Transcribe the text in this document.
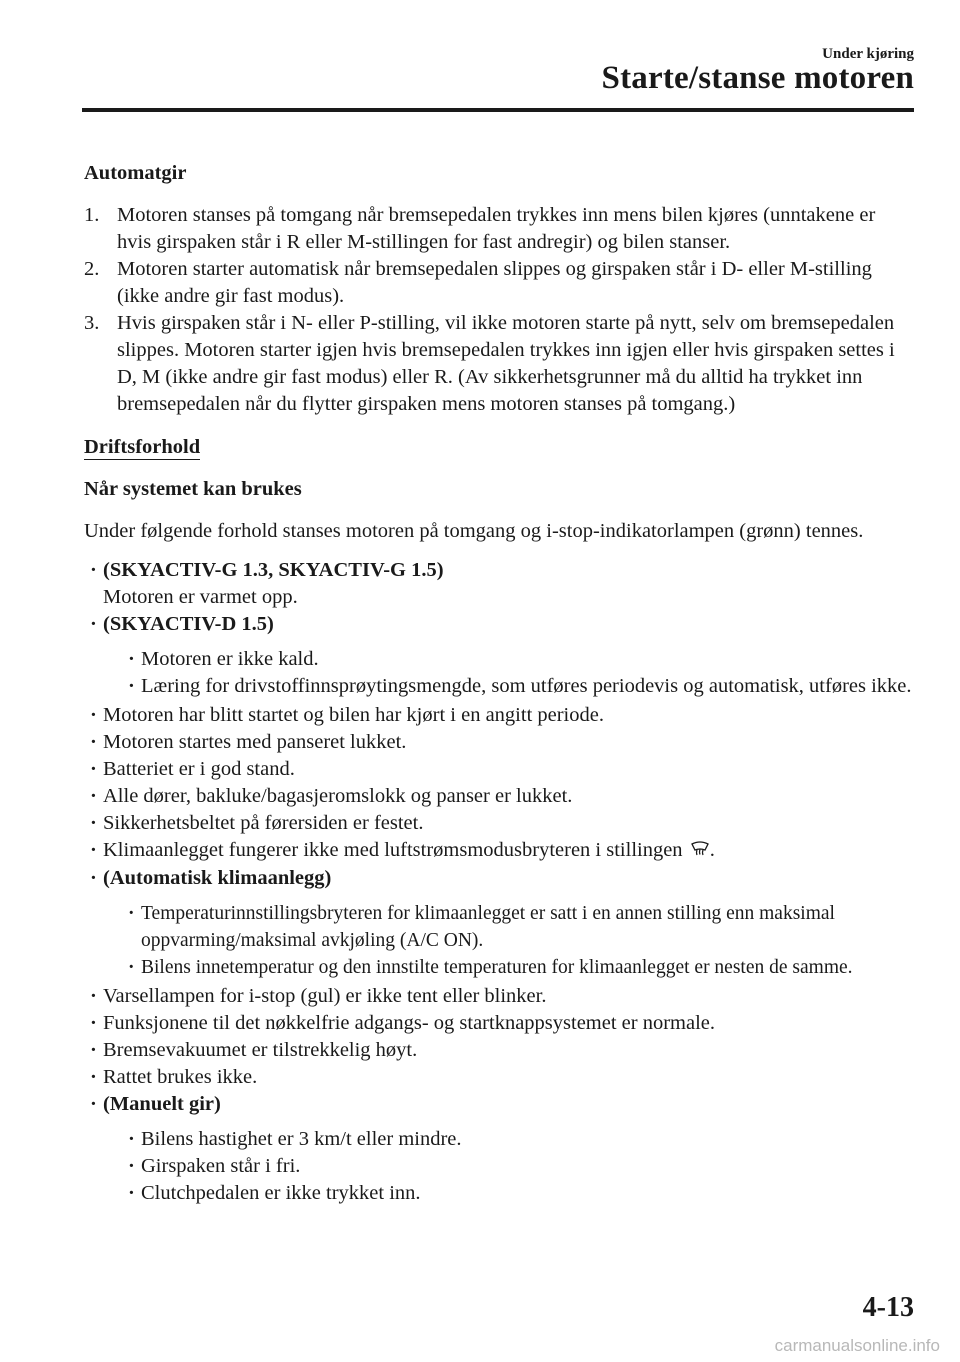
Under kjøring
Starte/stanse motoren
Automatgir
1. Motoren stanses på tomgang når bremsepedalen trykkes inn mens bilen kjøres (unntakene er hvis girspaken står i R eller M-stillingen for fast andregir) og bilen stanser.
2. Motoren starter automatisk når bremsepedalen slippes og girspaken står i D- eller M-stilling (ikke andre gir fast modus).
3. Hvis girspaken står i N- eller P-stilling, vil ikke motoren starte på nytt, selv om bremsepedalen slippes. Motoren starter igjen hvis bremsepedalen trykkes inn igjen eller hvis girspaken settes i D, M (ikke andre gir fast modus) eller R. (Av sikkerhetsgrunner må du alltid ha trykket inn bremsepedalen når du flytter girspaken mens motoren stanses på tomgang.)
Driftsforhold
Når systemet kan brukes
Under følgende forhold stanses motoren på tomgang og i-stop-indikatorlampen (grønn) tennes.
· (SKYACTIV-G 1.3, SKYACTIV-G 1.5)
Motoren er varmet opp.
· (SKYACTIV-D 1.5)
· Motoren er ikke kald.
· Læring for drivstoffinnsprøytingsmengde, som utføres periodevis og automatisk, utføres ikke.
· Motoren har blitt startet og bilen har kjørt i en angitt periode.
· Motoren startes med panseret lukket.
· Batteriet er i god stand.
· Alle dører, bakluke/bagasjeromslokk og panser er lukket.
· Sikkerhetsbeltet på førersiden er festet.
· Klimaanlegget fungerer ikke med luftstrømsmodusbryteren i stillingen .
· (Automatisk klimaanlegg)
· Temperaturinnstillingsbryteren for klimaanlegget er satt i en annen stilling enn maksimal oppvarming/maksimal avkjøling (A/C ON).
· Bilens innetemperatur og den innstilte temperaturen for klimaanlegget er nesten de samme.
· Varsellampen for i-stop (gul) er ikke tent eller blinker.
· Funksjonene til det nøkkelfrie adgangs- og startknappsystemet er normale.
· Bremsevakuumet er tilstrekkelig høyt.
· Rattet brukes ikke.
· (Manuelt gir)
· Bilens hastighet er 3 km/t eller mindre.
· Girspaken står i fri.
· Clutchpedalen er ikke trykket inn.
4-13
carmanualsonline.info
